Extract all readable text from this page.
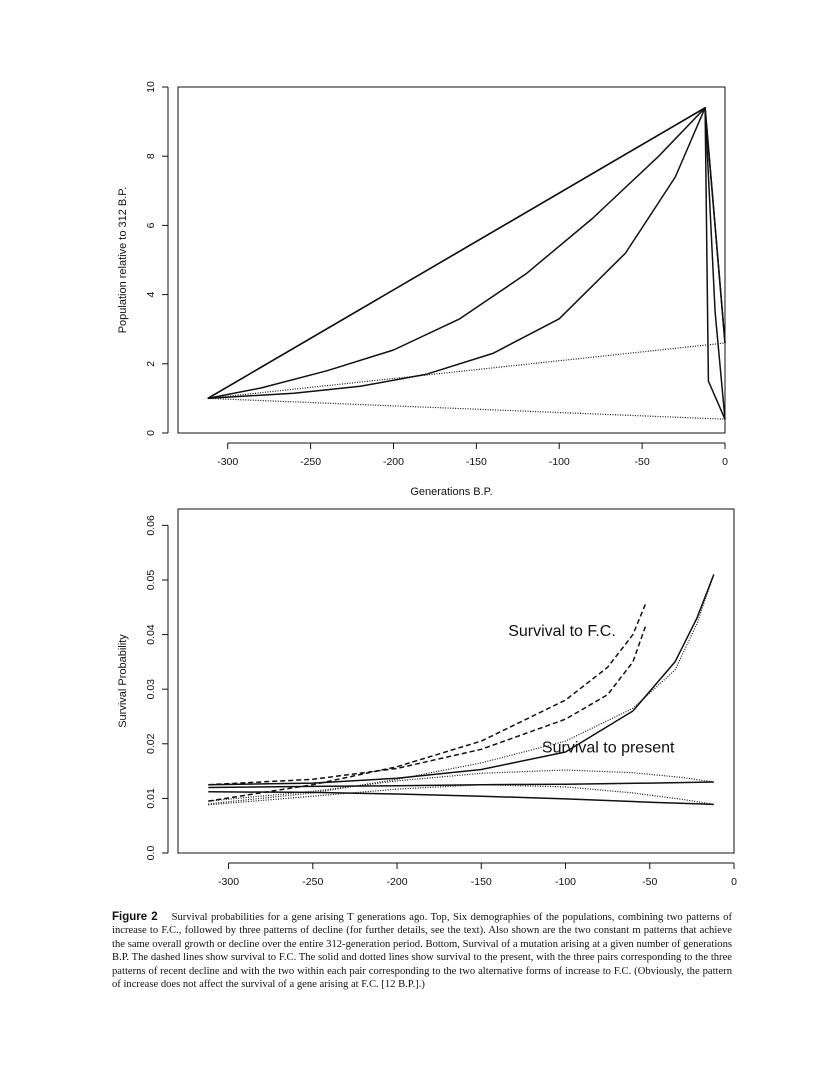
-300	-250	-200	-150	-100	-50	0
0
2
4
6
8
10
Generations B.P.
Population relative to 312 B.P.
-300	-250	-200	-150	-100	-50	0
0.0
0.01
0.02
0.03
0.04
0.05
0.06
Survival Probability
Survival to F.C.
Survival to present
Figure 2 Survival probabilities for a gene arising T generations ago. Top, Six demographies of the populations, combining two patterns of increase to F.C., followed by three patterns of decline (for further details, see the text). Also shown are the two constant m patterns that achieve the same overall growth or decline over the entire 312-generation period. Bottom, Survival of a mutation arising at a given number of generations B.P. The dashed lines show survival to F.C. The solid and dotted lines show survival to the present, with the three pairs corresponding to the three patterns of recent decline and with the two within each pair corresponding to the two alternative forms of increase to F.C. (Obviously, the pattern of increase does not affect the survival of a gene arising at F.C. [12 B.P.].)
